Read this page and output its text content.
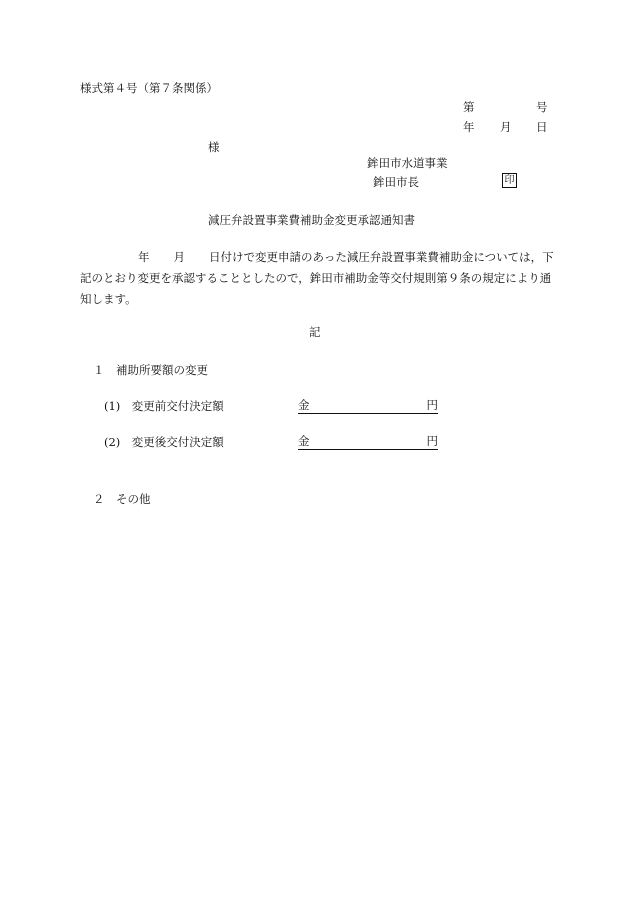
様式第４号（第７条関係）
第	号
年 月 日
様
鉾田市水道事業
鉾田市長	印
減圧弁設置事業費補助金変更承認通知書
年 月 日付けで変更申請のあった減圧弁設置事業費補助金については，下記のとおり変更を承認することとしたので，鉾田市補助金等交付規則第９条の規定により通知します。
記
１　補助所要額の変更
(1)　変更前交付決定額	金	円
(2)　変更後交付決定額	金	円
２　その他
